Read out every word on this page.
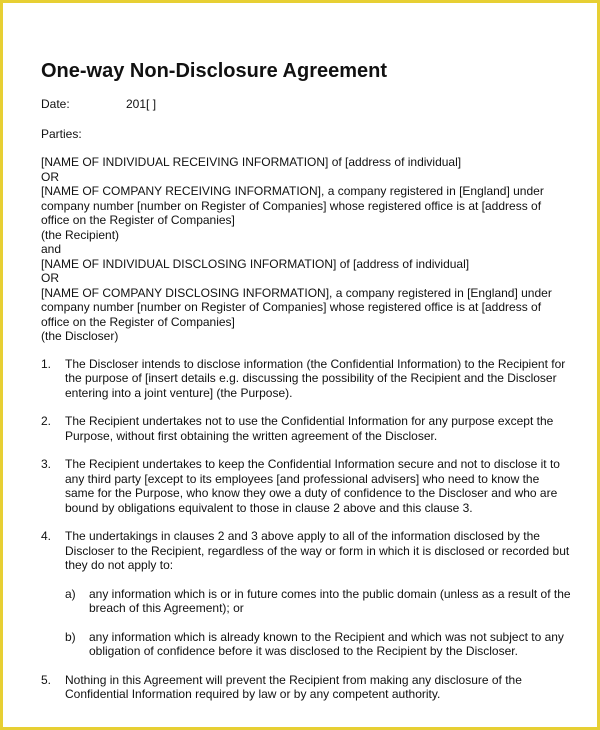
One-way Non-Disclosure Agreement
Date:	201[ ]
Parties:

[NAME OF INDIVIDUAL RECEIVING INFORMATION] of [address of individual]

OR

[NAME OF COMPANY RECEIVING INFORMATION], a company registered in [England] under company number [number on Register of Companies] whose registered office is at [address of office on the Register of Companies]

(the Recipient)

and

[NAME OF INDIVIDUAL DISCLOSING INFORMATION] of [address of individual]

OR

[NAME OF COMPANY DISCLOSING INFORMATION], a company registered in [England] under company number [number on Register of Companies] whose registered office is at [address of office on the Register of Companies]

(the Discloser)

1.	The Discloser intends to disclose information (the Confidential Information) to the Recipient for the purpose of [insert details e.g. discussing the possibility of the Recipient and the Discloser entering into a joint venture] (the Purpose).
2.	The Recipient undertakes not to use the Confidential Information for any purpose except the Purpose, without first obtaining the written agreement of the Discloser.
3.	The Recipient undertakes to keep the Confidential Information secure and not to disclose it to any third party [except to its employees [and professional advisers] who need to know the same for the Purpose, who know they owe a duty of confidence to the Discloser and who are bound by obligations equivalent to those in clause 2 above and this clause 3.
4.	The undertakings in clauses 2 and 3 above apply to all of the information disclosed by the Discloser to the Recipient, regardless of the way or form in which it is disclosed or recorded but they do not apply to:
a)	any information which is or in future comes into the public domain (unless as a result of the breach of this Agreement); or
b)	any information which is already known to the Recipient and which was not subject to any obligation of confidence before it was disclosed to the Recipient by the Discloser.
5.	Nothing in this Agreement will prevent the Recipient from making any disclosure of the Confidential Information required by law or by any competent authority.
